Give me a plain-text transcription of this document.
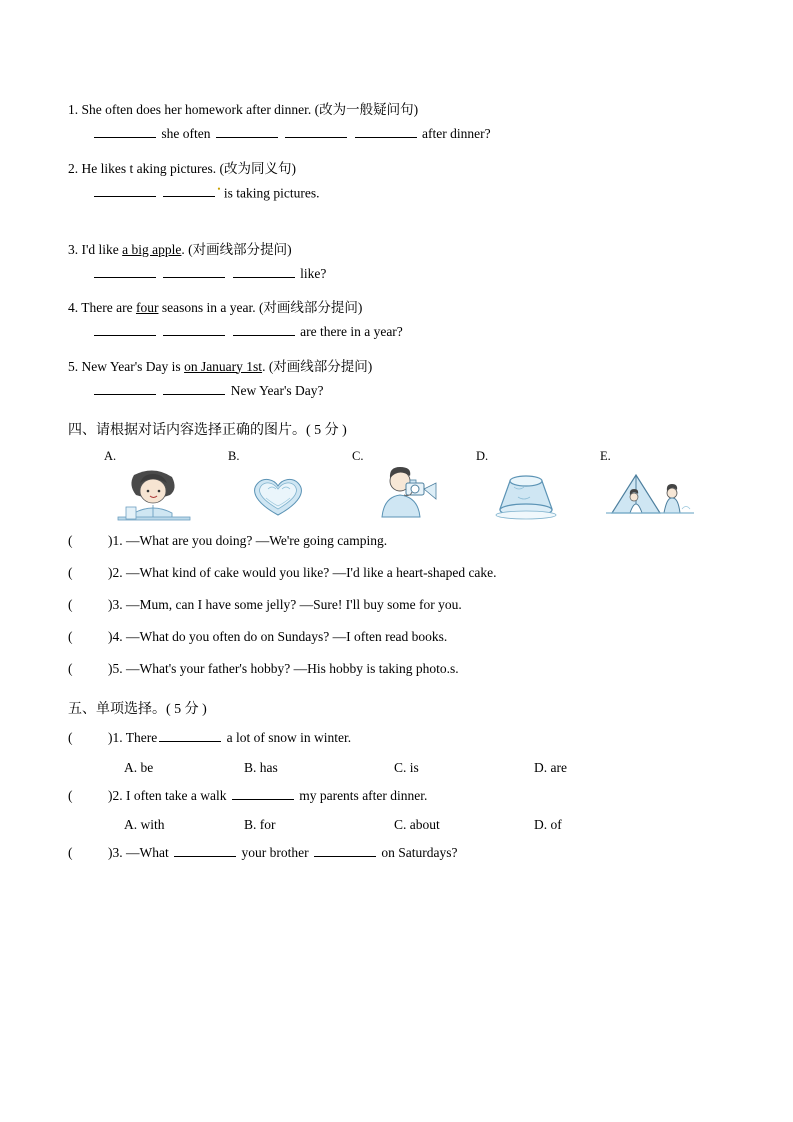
1. She often does her homework after dinner. (改为一般疑问句)
she often	after dinner?
2. He likes t aking pictures. (改为同义句)
• is taking pictures.
3. I'd like a big apple. (对画线部分提问)
like?
4. There are four seasons in a year. (对画线部分提问)
are there in a year?
5. New Year's Day is on January 1st. (对画线部分提问)
New Year's Day?
四、请根据对话内容选择正确的图片。( 5 分 )
A.	B.	C.	D.	E.
(	)1. —What are you doing? —We're going camping.
(	)2. —What kind of cake would you like? —I'd like a heart-shaped cake.
(	)3. —Mum, can I have some jelly? —Sure! I'll buy some for you.
(	)4. —What do you often do on Sundays? —I often read books.
(	)5. —What's your father's hobby? —His hobby is taking photo.s.
五、单项选择。( 5 分 )
(	)1. There	a lot of snow in winter.
A. be	B. has	C. is	D. are
(	)2. I often take a walk	my parents after dinner.
A. with	B. for	C. about	D. of
(	)3. —What	your brother	on Saturdays?
